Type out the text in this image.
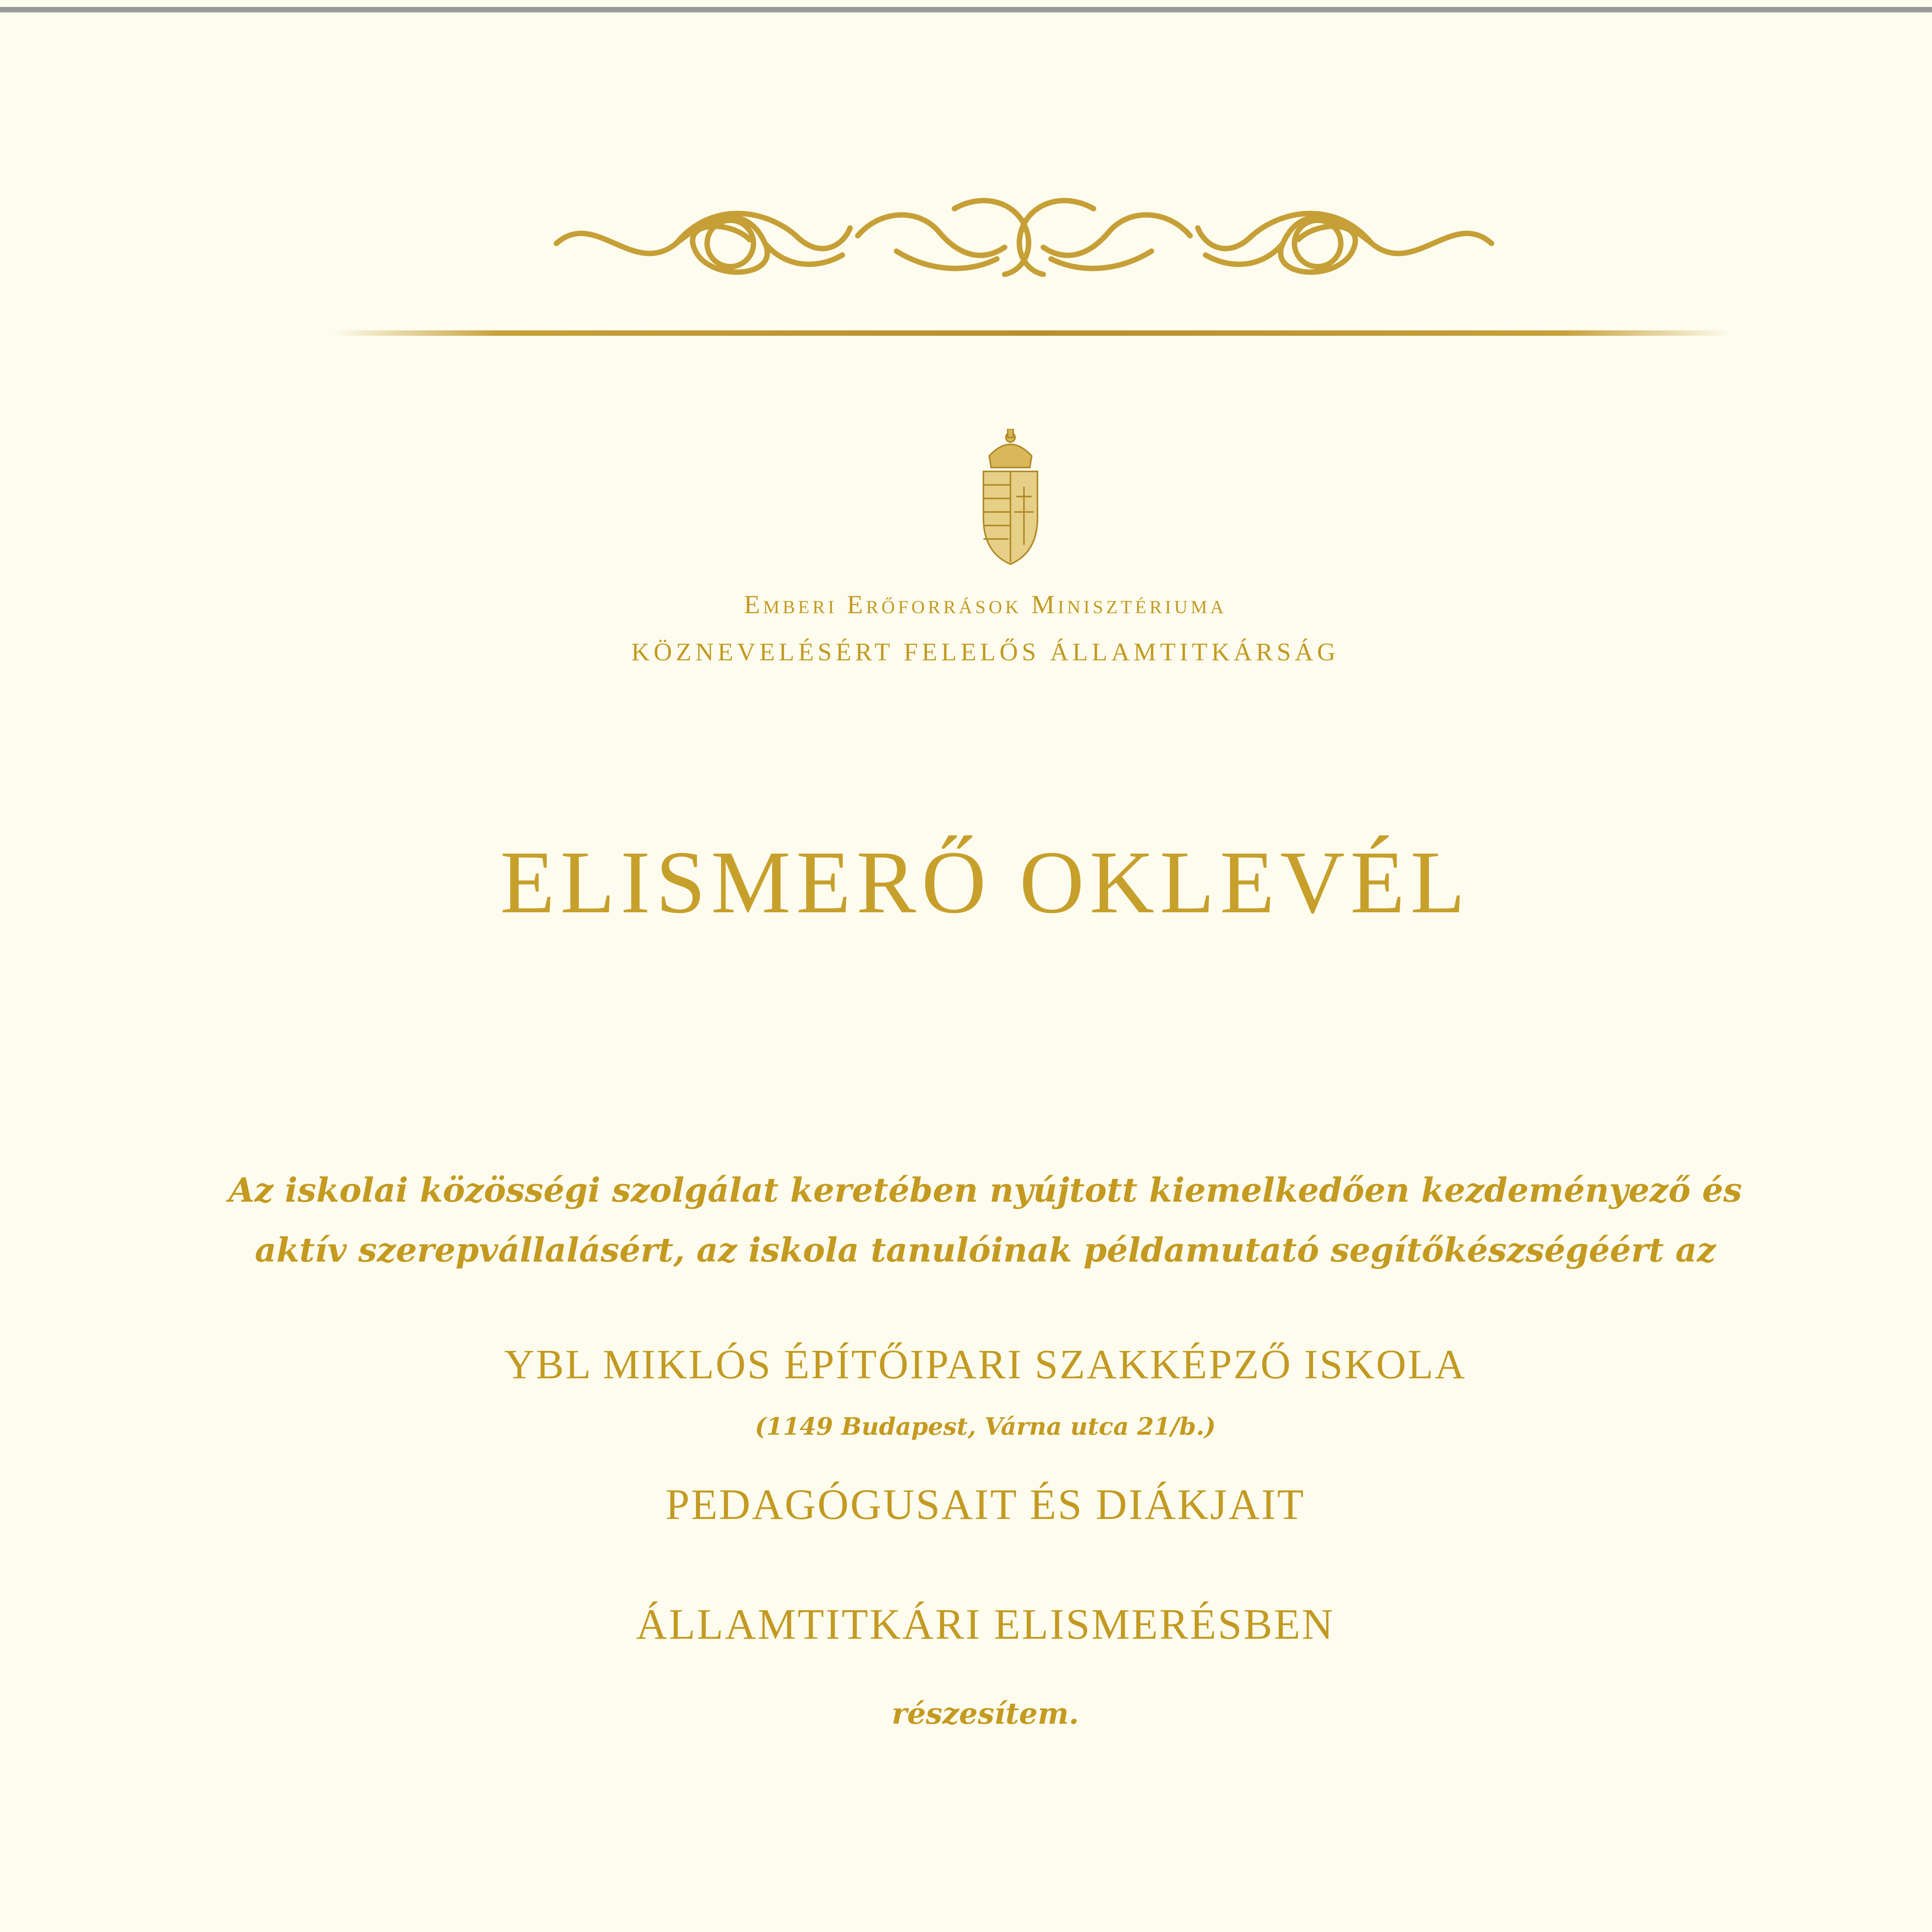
Emberi Erőforrások Minisztériuma
KÖZNEVELÉSÉRT FELELŐS ÁLLAMTITKÁRSÁG
ELISMERŐ OKLEVÉL
Az iskolai közösségi szolgálat keretében nyújtott kiemelkedően kezdeményező és
aktív szerepvállalásért, az iskola tanulóinak példamutató segítőkészségéért az
YBL MIKLÓS ÉPÍTŐIPARI SZAKKÉPZŐ ISKOLA
(1149 Budapest, Várna utca 21/b.)
PEDAGÓGUSAIT ÉS DIÁKJAIT
ÁLLAMTITKÁRI ELISMERÉSBEN
részesítem.
